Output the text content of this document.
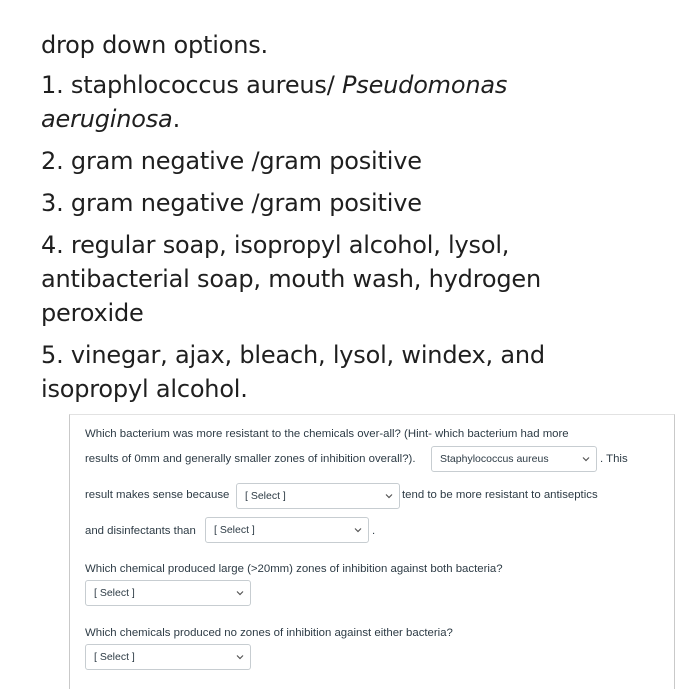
drop down options.

1. staphlococcus aureus/ Pseudomonas aeruginosa.

2. gram negative /gram positive

3. gram negative /gram positive

4. regular soap, isopropyl alcohol, lysol, antibacterial soap, mouth wash, hydrogen peroxide

5. vinegar, ajax, bleach, lysol, windex, and isopropyl alcohol.

Which bacterium was more resistant to the chemicals over-all? (Hint- which bacterium had more
results of 0mm and generally smaller zones of inhibition overall?). Staphylococcus aureus	. This
result makes sense because [ Select ]	tend to be more resistant to antiseptics
and disinfectants than [ Select ]	.
Which chemical produced large (>20mm) zones of inhibition against both bacteria?
[ Select ]
Which chemicals produced no zones of inhibition against either bacteria?
[ Select ]
